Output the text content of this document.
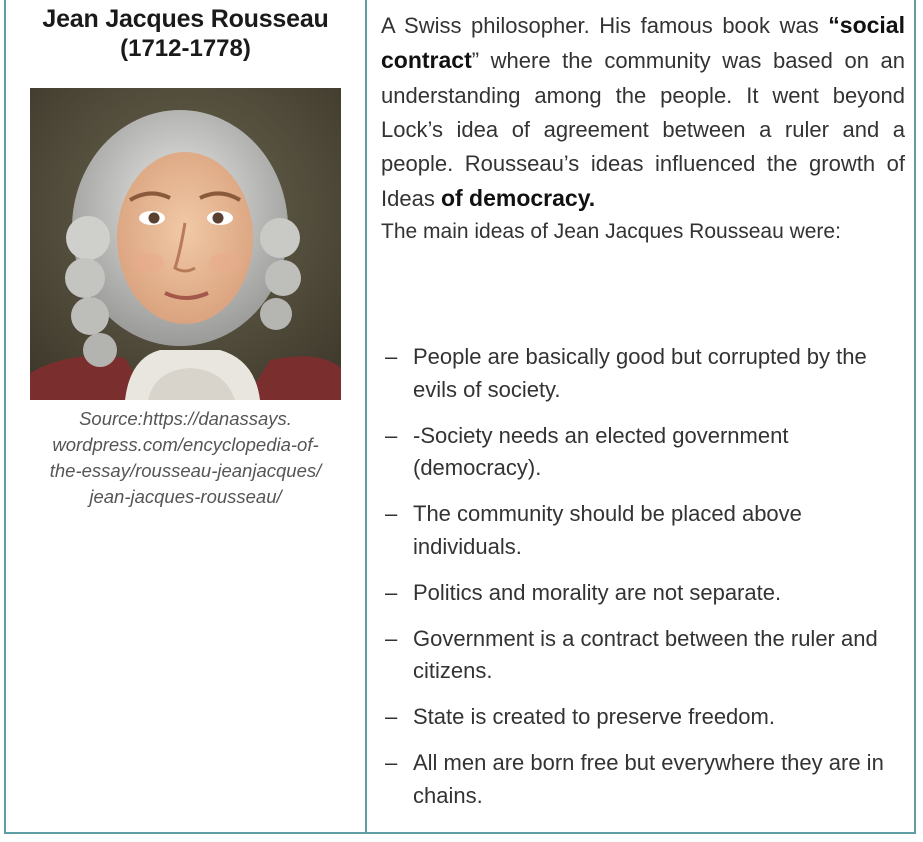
Jean Jacques Rousseau
(1712-1778)
Source:https://danassays.
wordpress.com/encyclopedia-of-
the-essay/rousseau-jeanjacques/
jean-jacques-rousseau/

A Swiss philosopher. His famous book was “social contract” where the community was based on an understanding among the people. It went beyond Lock’s idea of agreement between a ruler and a people. Rousseau’s ideas influenced the growth of Ideas of democracy.

The main ideas of Jean Jacques Rousseau were:

– People are basically good but corrupted by the evils of society.
– -Society needs an elected government (democracy).
– The community should be placed above individuals.
– Politics and morality are not separate.
– Government is a contract between the ruler and citizens.
– State is created to preserve freedom.
– All men are born free but everywhere they are in chains.
